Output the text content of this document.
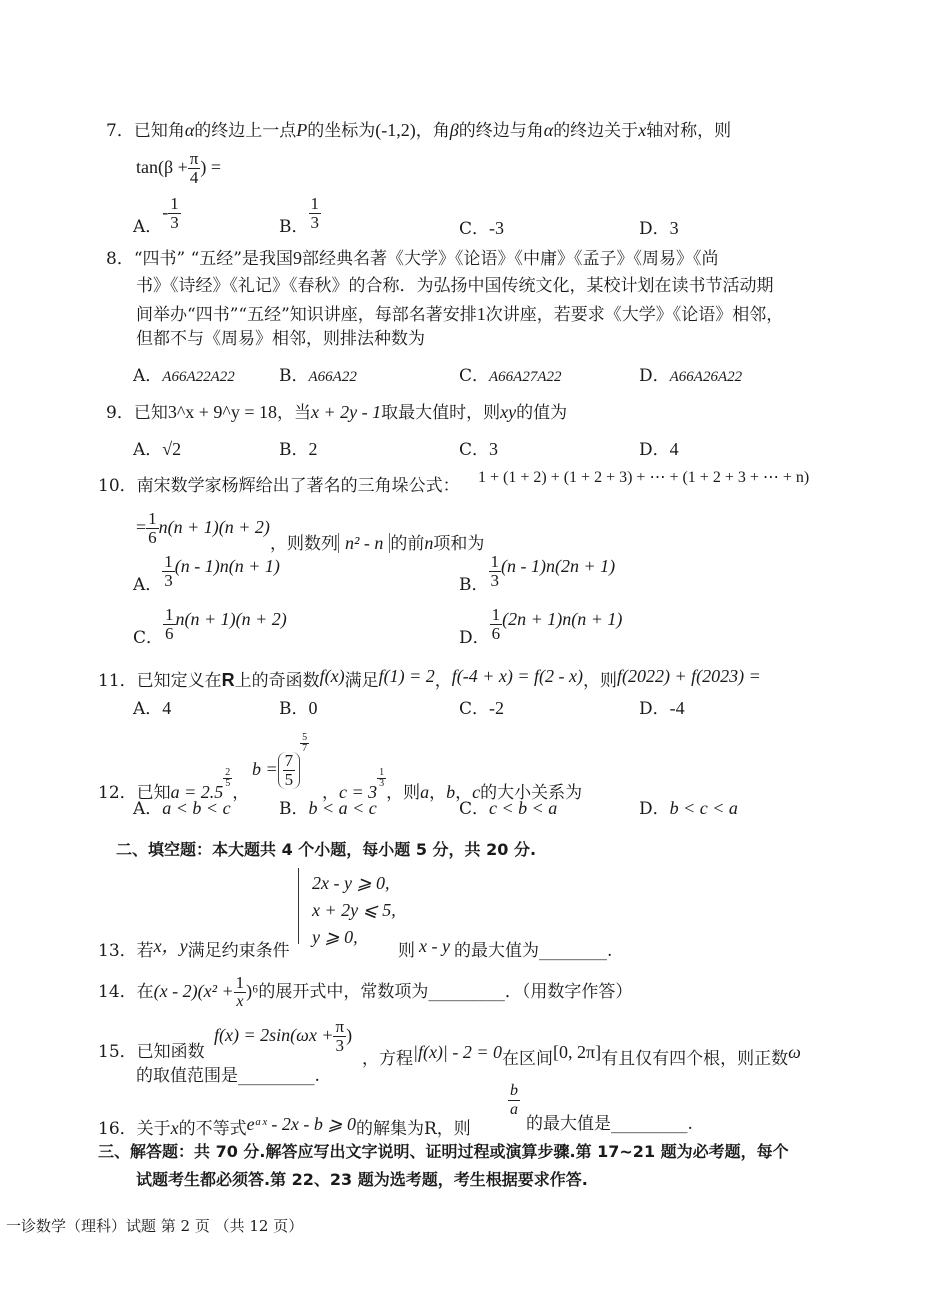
7．已知角α的终边上一点P的坐标为(-1,2)，角β的终边与角α的终边关于x轴对称，则
$\tan(\beta + \frac{\pi}{4}$ ) =
A．- $\frac{1}{3}$	B． $\frac{1}{3}$	C．-3	D．3
8．“四书” “五经”是我国9部经典名著《大学》《论语》《中庸》《孟子》《周易》《尚
书》《诗经》《礼记》《春秋》的合称．为弘扬中国传统文化，某校计划在读书节活动期
间举办“四书”“五经”知识讲座，每部名著安排1次讲座，若要求《大学》《论语》相邻，
但都不与《周易》相邻，则排法种数为
A．A66A22A22	B．A66A22	C．A66A27A22	D．A66A26A22
9．已知3^x + 9^y = 18，当x + 2y - 1取最大值时，则xy的值为
A．√2	B．2	C．3	D．4
10．南宋数学家杨辉给出了著名的三角垛公式： 1 + (1 + 2) + (1 + 2 + 3) + ⋯ + (1 + 2 + 3 + ⋯ + n)
= $\frac{1}{6} n(n + 1)(n + 2)$
，则数列 n² - n 的前n项和为
A． $\frac{1}{3} (n - 1)n(n + 1)$
B． $\frac{1}{3} (n - 1)n(2n + 1)$
C． $\frac{1}{6} n(n + 1)(n + 2)$
D． $\frac{1}{6} (2n + 1)n(n + 1)$
11．已知定义在R上的奇函数f(x)满足f(1) = 2，f(-4 + x) = f(2 - x)，则f(2022) + f(2023) =
A．4	B．0	C．-2	D．-4
12．已知a = 2.5
$\frac{2}{5}$
，
$b = \frac{7}{5}$
$\frac{5}{7}$
，c = 3
$\frac{1}{3}$
，则a，b，c的大小关系为
A．a < b < c	B．b < a < c	C．c < b < a	D．b < c < a
二、填空题：本大题共 4 个小题，每小题 5 分，共 20 分.
2x - y ⩾ 0,
x + 2y ⩽ 5,
y ⩾ 0,
13．若x，y满足约束条件	则 x - y 的最大值为________.
14．在$(x - 2)(x^2 + \frac{1}{x} )^6$的展开式中，常数项为_________．（用数字作答）
$f(x) = 2\sin(\omega x + \frac{\pi}{3}$ )
15．已知函数	，方程|f(x)| - 2 = 0在区间[0, 2π]有且仅有四个根，则正数ω
的取值范围是_________.
16．关于x的不等式eᵃˣ - 2x - b ⩾ 0的解集为R，则
$\frac{b}{a}$
的最大值是_________.
三、解答题：共 70 分.解答应写出文字说明、证明过程或演算步骤.第 17~21 题为必考题，每个
试题考生都必须答.第 22、23 题为选考题，考生根据要求作答.
一诊数学（理科）试题 第 2 页 （共 12 页）
